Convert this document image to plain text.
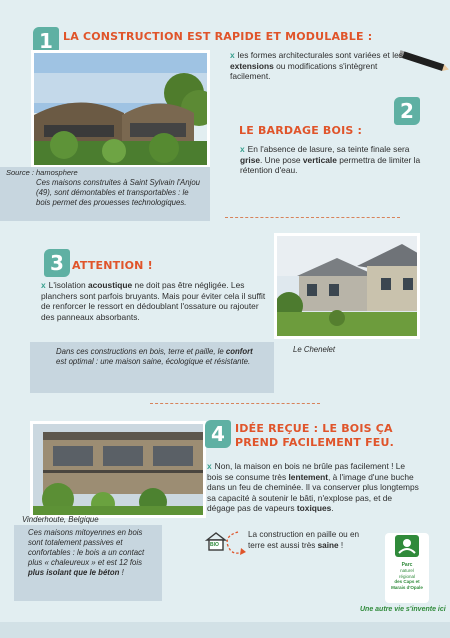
1 LA CONSTRUCTION EST RAPIDE ET MODULABLE :

x les formes architecturales sont variées et les extensions ou modifications s'intègrent facilement.

Source : hamosphere
Ces maisons construites à Saint Sylvain l'Anjou (49), sont démontables et transportables : le bois permet des prouesses technologiques.
2
LE BARDAGE BOIS :

x En l'absence de lasure, sa teinte finale sera grise. Une pose verticale permettra de limiter la rétention d'eau.

3 ATTENTION !

x L'isolation acoustique ne doit pas être négligée. Les planchers sont parfois bruyants. Mais pour éviter cela il suffit de renforcer le ressort en dédoublant l'ossature ou rajouter des panneaux absorbants.

Le Chenelet

Dans ces constructions en bois, terre et paille, le confort est optimal : une maison saine, écologique et résistante.

Vinderhoute, Belgique

Ces maisons mitoyennes en bois sont totalement passives et confortables : le bois a un contact plus « chaleureux » et est 12 fois plus isolant que le béton !

4 IDÉE REÇUE : LE BOIS ÇA PREND FACILEMENT FEU.

x Non, la maison en bois ne brûle pas facilement ! Le bois se consume très lentement, à l'image d'une buche dans un feu de cheminée. Il va conserver plus longtemps sa capacité à soutenir le bâti, n'explose pas, et de dégage pas de vapeurs toxiques.

BIO

La construction en paille ou en terre est aussi très saine !

Parc
naturel
régional
des Caps et
Marais d'Opale
Une autre vie s'invente ici
